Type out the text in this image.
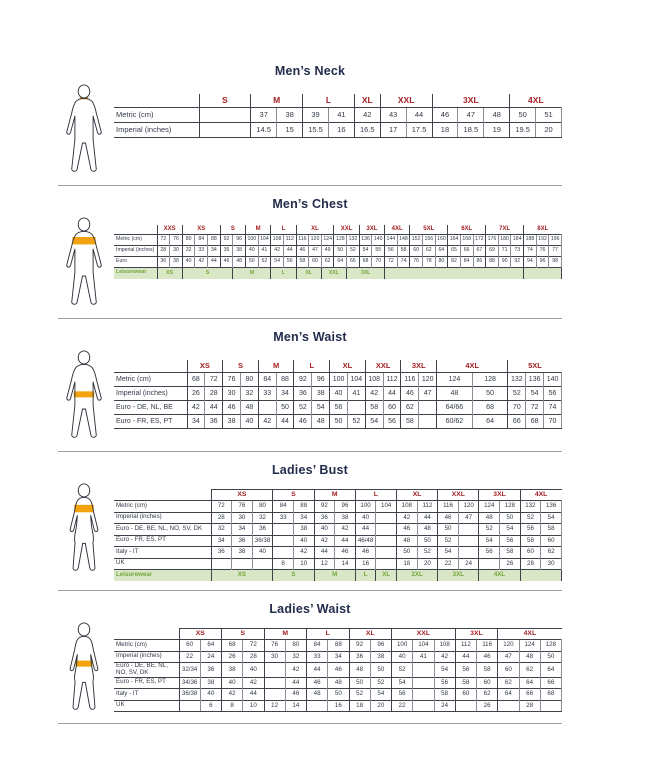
Men’s Neck
	S	M		L		XL	XXL		3XL			4XL	
Metric (cm)		37	38	39	41	42	43	44	46	47	48	50	51
Imperial (inches)		14.5	15	15.5	16	16.5	17	17.5	18	18.5	19	19.5	20
Men’s Chest
	XXS		XS			S		M		L		XL			XXL		3XL		4XL		5XL			6XL			7XL			8XL		
Metric (cm)	72	76	80	84	88	92	96	100	104	108	112	116	120	124	128	132	136	140	144	148	152	156	160	164	168	172	176	180	184	188	192	196
Imperial (inches)	28	30	32	33	34	36	38	40	41	42	44	46	47	49	50	52	54	55	56	58	60	62	64	65	66	67	69	71	73	74	76	77
Euro	36	38	40	42	44	46	48	50	52	54	56	58	60	62	64	66	68	70	72	74	76	78	80	82	84	86	88	90	92	94	96	98
Leisurewear	XS		S				M			L		XL		XXL		3XL																
Men’s Waist
	XS		S		M		L		XL		XXL		3XL		4XL		5XL		
Metric (cm)	68	72	76	80	84	88	92	96	100	104	108	112	116	120	124	128	132	136	140
Imperial (inches)	26	28	30	32	33	34	36	38	40	41	42	44	46	47	48	50	52	54	56
Euro - DE, NL, BE	42	44	46	48		50	52	54	56		58	60	62		64/66	68	70	72	74
Euro - FR, ES, PT	34	36	38	40	42	44	46	48	50	52	54	56	58		60/62	64	66	68	70
Ladies’ Bust
	XS			S		M		L		XL		XXL		3XL		4XL	
Metric (cm)	72	76	80	84	88	92	96	100	104	108	112	116	120	124	128	132	136
Imperial (inches)	28	30	32	33	34	36	38	40		42	44	46	47	48	50	52	54
Euro - DE, BE, NL, NO, SV, DK	32	34	36		38	40	42	44		46	48	50		52	54	56	58
Euro - FR, ES, PT	34	36	36/38		40	42	44	46/48		48	50	52		54	56	58	60
Italy - IT	36	38	40		42	44	46	46		50	52	54		56	58	60	62
UK				8	10	12	14	16		18	20	22	24		26	28	30
Leisurewear	XS			S		M		L	XL	2XL		3XL		4XL			
Ladies’ Waist
	XS		S		M		L		XL		XXL			3XL		4XL		
Metric (cm)	60	64	68	72	76	80	84	88	92	96	100	104	108	112	116	120	124	128
Imperial (inches)	22	24	26	28	30	32	33	34	36	38	40	41	42	44	46	47	48	50
Euro - DE, BE, NL, NO, SV, DK	32/34	36	38	40		42	44	46	48	50	52		54	56	58	60	62	64
Euro - FR, ES, PT	34/36	38	40	42		44	46	48	50	52	54		56	58	60	62	64	66
Italy - IT	36/38	40	42	44		46	48	50	52	54	56		58	60	62	64	66	68
UK		6	8	10	12	14		16	18	20	22		24		26		28	
